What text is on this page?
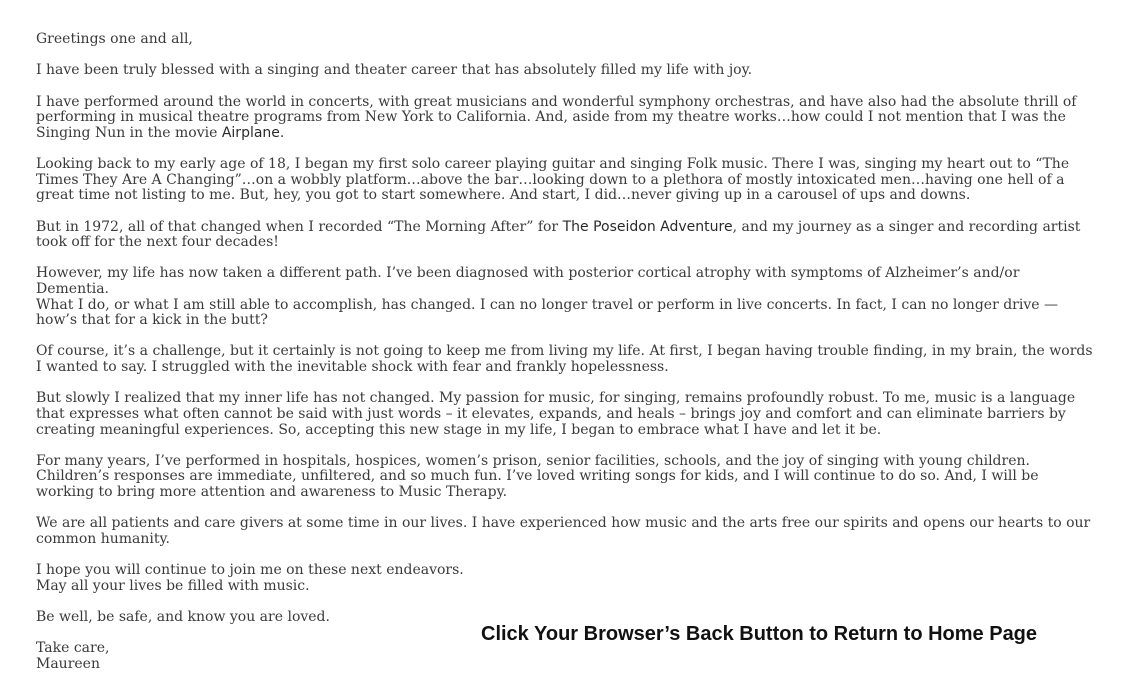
Greetings one and all,

I have been truly blessed with a singing and theater career that has absolutely filled my life with joy.

I have performed around the world in concerts, with great musicians and wonderful symphony orchestras, and have also had the absolute thrill of performing in musical theatre programs from New York to California. And, aside from my theatre works…how could I not mention that I was the Singing Nun in the movie Airplane.

Looking back to my early age of 18, I began my first solo career playing guitar and singing Folk music. There I was, singing my heart out to “The Times They Are A Changing”…on a wobbly platform…above the bar…looking down to a plethora of mostly intoxicated men…having one hell of a great time not listing to me. But, hey, you got to start somewhere. And start, I did…never giving up in a carousel of ups and downs.

But in 1972, all of that changed when I recorded “The Morning After” for The Poseidon Adventure, and my journey as a singer and recording artist took off for the next four decades!

However, my life has now taken a different path. I’ve been diagnosed with posterior cortical atrophy with symptoms of Alzheimer’s and/or Dementia.
What I do, or what I am still able to accomplish, has changed. I can no longer travel or perform in live concerts. In fact, I can no longer drive — how’s that for a kick in the butt?

Of course, it’s a challenge, but it certainly is not going to keep me from living my life. At first, I began having trouble finding, in my brain, the words I wanted to say. I struggled with the inevitable shock with fear and frankly hopelessness.

But slowly I realized that my inner life has not changed. My passion for music, for singing, remains profoundly robust. To me, music is a language that expresses what often cannot be said with just words – it elevates, expands, and heals – brings joy and comfort and can eliminate barriers by creating meaningful experiences. So, accepting this new stage in my life, I began to embrace what I have and let it be.

For many years, I’ve performed in hospitals, hospices, women’s prison, senior facilities, schools, and the joy of singing with young children. Children’s responses are immediate, unfiltered, and so much fun. I’ve loved writing songs for kids, and I will continue to do so. And, I will be working to bring more attention and awareness to Music Therapy.

We are all patients and care givers at some time in our lives. I have experienced how music and the arts free our spirits and opens our hearts to our common humanity.

I hope you will continue to join me on these next endeavors.
May all your lives be filled with music.

Be well, be safe, and know you are loved.

Take care,
Maureen

Click Your Browser’s Back Button to Return to Home Page
